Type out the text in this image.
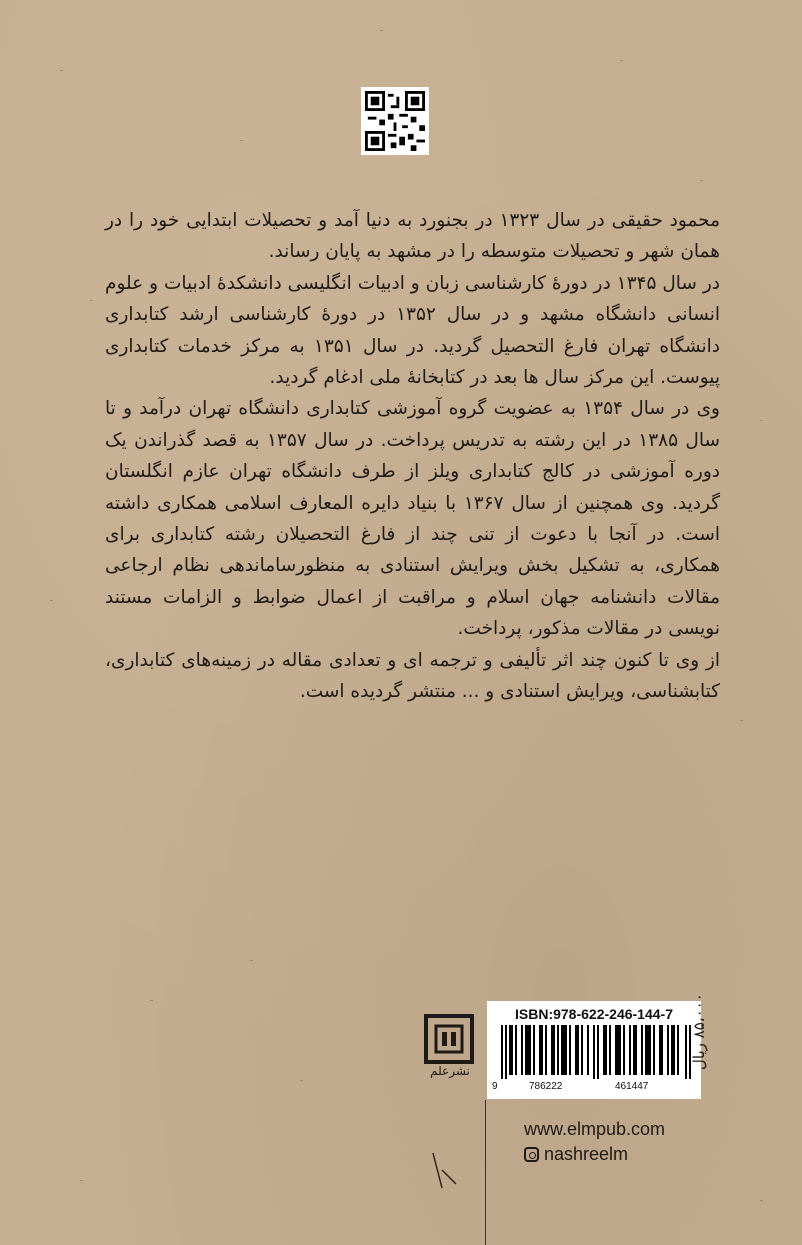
محمود حقیقی در سال ۱۳۲۳ در بجنورد به دنیا آمد و تحصیلات ابتدایی خود را در همان شهر و تحصیلات متوسطه را در مشهد به پایان رساند.

در سال ۱۳۴۵ در دورۀ کارشناسی زبان و ادبیات انگلیسی دانشکدۀ ادبیات و علوم انسانی دانشگاه مشهد و در سال ۱۳۵۲ در دورۀ کارشناسی ارشد کتابداری دانشگاه تهران فارغ التحصیل گردید. در سال ۱۳۵۱ به مرکز خدمات کتابداری پیوست. این مرکز سال ها بعد در کتابخانۀ ملی ادغام گردید.

وی در سال ۱۳۵۴ به عضویت گروه آموزشی کتابداری دانشگاه تهران درآمد و تا سال ۱۳۸۵ در این رشته به تدریس پرداخت. در سال ۱۳۵۷ به قصد گذراندن یک دوره آموزشی در کالج کتابداری ویلز از طرف دانشگاه تهران عازم انگلستان گردید. وی همچنین از سال ۱۳۶۷ با بنیاد دایره المعارف اسلامی همکاری داشته است. در آنجا با دعوت از تنی چند از فارغ التحصیلان رشته کتابداری برای همکاری، به تشکیل بخش ویرایش استنادی به منظورساماندهی نظام ارجاعی مقالات دانشنامه جهان اسلام و مراقبت از اعمال ضوابط و الزامات مستند نویسی در مقالات مذکور، پرداخت.

از وی تا کنون چند اثر تألیفی و ترجمه ای و تعدادی مقاله در زمینه‌های کتابداری، کتابشناسی، ویرایش استنادی و ... منتشر گردیده است.

نشرعلم
ISBN:978-622-246-144-7
9	786222	461447
۸۵،۰۰۰ ریال
www.elmpub.com
nashreelm
